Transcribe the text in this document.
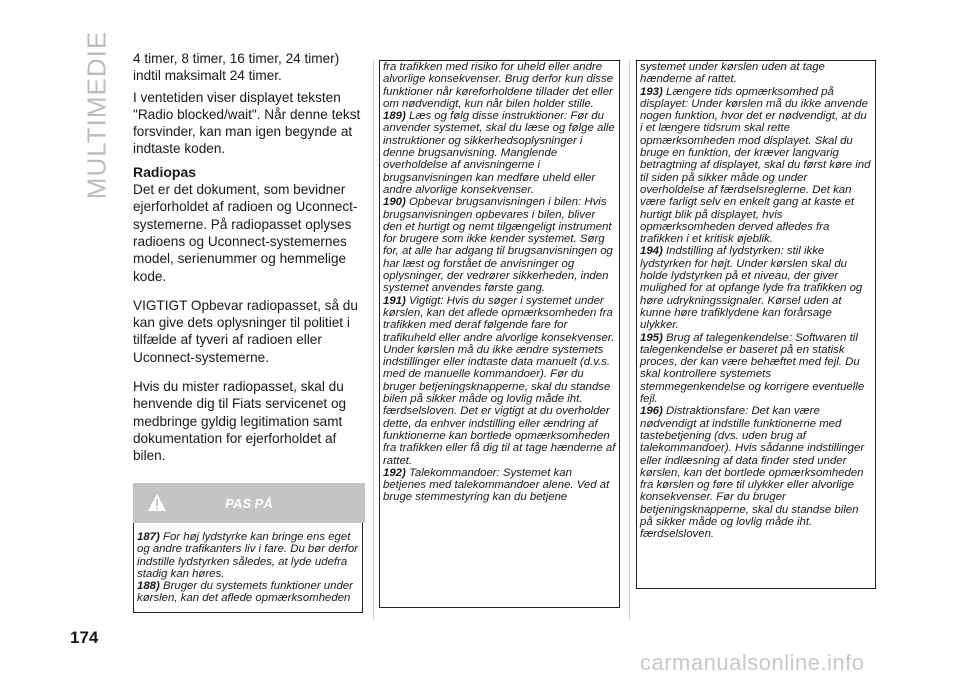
MULTIMEDIE 4 timer, 8 timer, 16 timer, 24 timer) indtil maksimalt 24 timer.

I ventetiden viser displayet teksten "Radio blocked/wait". Når denne tekst forsvinder, kan man igen begynde at indtaste koden.

Radiopas

Det er det dokument, som bevidner ejerforholdet af radioen og Uconnect-systemerne. På radiopasset oplyses radioens og Uconnect-systemernes model, serienummer og hemmelige kode.

VIGTIGT Opbevar radiopasset, så du kan give dets oplysninger til politiet i tilfælde af tyveri af radioen eller Uconnect-systemerne.

Hvis du mister radiopasset, skal du henvende dig til Fiats servicenet og medbringe gyldig legitimation samt dokumentation for ejerforholdet af bilen.

PAS PÅ
187) For høj lydstyrke kan bringe ens eget og andre trafikanters liv i fare. Du bør derfor indstille lydstyrken således, at lyde udefra stadig kan høres.
188) Bruger du systemets funktioner under kørslen, kan det aflede opmærksomheden

fra trafikken med risiko for uheld eller andre alvorlige konsekvenser. Brug derfor kun disse funktioner når køreforholdene tillader det eller om nødvendigt, kun når bilen holder stille.

189) Læs og følg disse instruktioner: Før du anvender systemet, skal du læse og følge alle instruktioner og sikkerhedsoplysninger i denne brugsanvisning. Manglende overholdelse af anvisningerne i brugsanvisningen kan medføre uheld eller andre alvorlige konsekvenser.

190) Opbevar brugsanvisningen i bilen: Hvis brugsanvisningen opbevares i bilen, bliver den et hurtigt og nemt tilgængeligt instrument for brugere som ikke kender systemet. Sørg for, at alle har adgang til brugsanvisningen og har læst og forstået de anvisninger og oplysninger, der vedrører sikkerheden, inden systemet anvendes første gang.

191) Vigtigt: Hvis du søger i systemet under kørslen, kan det aflede opmærksomheden fra trafikken med deraf følgende fare for trafikuheld eller andre alvorlige konsekvenser. Under kørslen må du ikke ændre systemets indstillinger eller indtaste data manuelt (d.v.s. med de manuelle kommandoer). Før du bruger betjeningsknapperne, skal du standse bilen på sikker måde og lovlig måde iht. færdselsloven. Det er vigtigt at du overholder dette, da enhver indstilling eller ændring af funktionerne kan bortlede opmærksomheden fra trafikken eller få dig til at tage hænderne af rattet.

192) Talekommandoer: Systemet kan betjenes med talekommandoer alene. Ved at bruge stemmestyring kan du betjene

systemet under kørslen uden at tage hænderne af rattet.

193) Længere tids opmærksomhed på displayet: Under kørslen må du ikke anvende nogen funktion, hvor det er nødvendigt, at du i et længere tidsrum skal rette opmærksomheden mod displayet. Skal du bruge en funktion, der kræver langvarig betragtning af displayet, skal du først køre ind til siden på sikker måde og under overholdelse af færdselsreglerne. Det kan være farligt selv en enkelt gang at kaste et hurtigt blik på displayet, hvis opmærksomheden derved afledes fra trafikken i et kritisk øjeblik.

194) Indstilling af lydstyrken: stil ikke lydstyrken for højt. Under kørslen skal du holde lydstyrken på et niveau, der giver mulighed for at opfange lyde fra trafikken og høre udrykningssignaler. Kørsel uden at kunne høre trafiklydene kan forårsage ulykker.

195) Brug af talegenkendelse: Softwaren til talegenkendelse er baseret på en statisk proces, der kan være behæftet med fejl. Du skal kontrollere systemets stemmegenkendelse og korrigere eventuelle fejl.

196) Distraktionsfare: Det kan være nødvendigt at indstille funktionerne med tastebetjening (dvs. uden brug af talekommandoer). Hvis sådanne indstillinger eller indlæsning af data finder sted under kørslen, kan det bortlede opmærksomheden fra kørslen og føre til ulykker eller alvorlige konsekvenser. Før du bruger betjeningsknapperne, skal du standse bilen på sikker måde og lovlig måde iht. færdselsloven.

174
carmanualsonline.info
